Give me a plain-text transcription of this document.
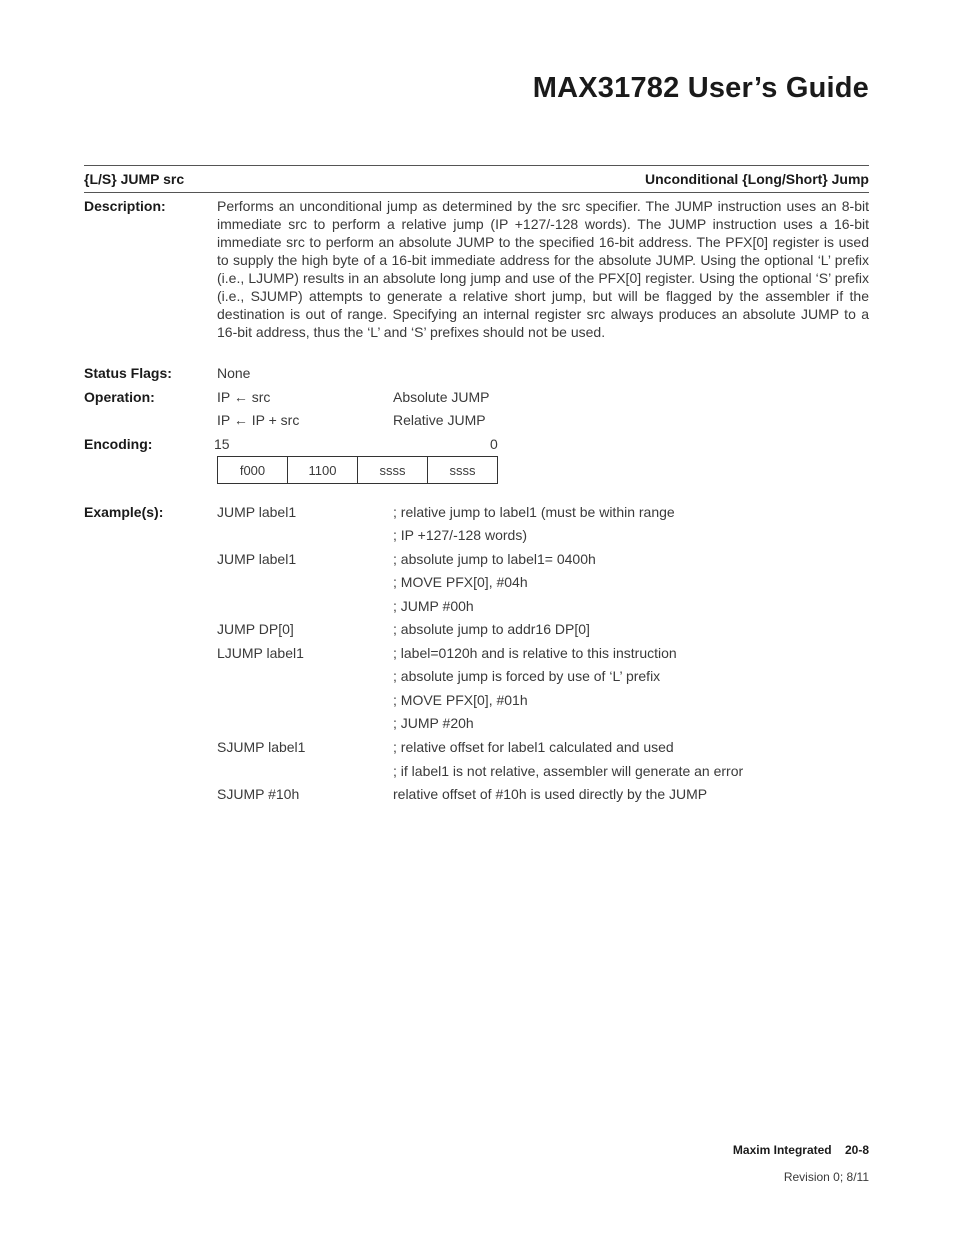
MAX31782 User’s Guide
{L/S} JUMP src	Unconditional {Long/Short} Jump
Description:	Performs an unconditional jump as determined by the src specifier. The JUMP instruction uses an 8-bit immediate src to perform a relative jump (IP +127/-128 words). The JUMP instruction uses a 16-bit immediate src to perform an absolute JUMP to the specified 16-bit address. The PFX[0] register is used to supply the high byte of a 16-bit immediate address for the absolute JUMP. Using the optional ‘L’ prefix (i.e., LJUMP) results in an absolute long jump and use of the PFX[0] register. Using the optional ‘S’ prefix (i.e., SJUMP) attempts to generate a relative short jump, but will be flagged by the assembler if the destination is out of range. Specifying an internal register src always produces an absolute JUMP to a 16-bit address, thus the ‘L’ and ‘S’ prefixes should not be used.
Status Flags:	None
Operation:	IP ← src	Absolute JUMP
IP ← IP + src	Relative JUMP
Encoding:	15	0
f000	1100	ssss	ssss
Example(s):	JUMP label1	; relative jump to label1 (must be within range
; IP +127/-128 words)
JUMP label1	; absolute jump to label1= 0400h
; MOVE PFX[0], #04h
; JUMP #00h
JUMP DP[0]	; absolute jump to addr16 DP[0]
LJUMP label1	; label=0120h and is relative to this instruction
; absolute jump is forced by use of ‘L’ prefix
; MOVE PFX[0], #01h
; JUMP #20h
SJUMP label1	; relative offset for label1 calculated and used
; if label1 is not relative, assembler will generate an error
SJUMP #10h	relative offset of #10h is used directly by the JUMP
Maxim Integrated 20-8
Revision 0; 8/11
